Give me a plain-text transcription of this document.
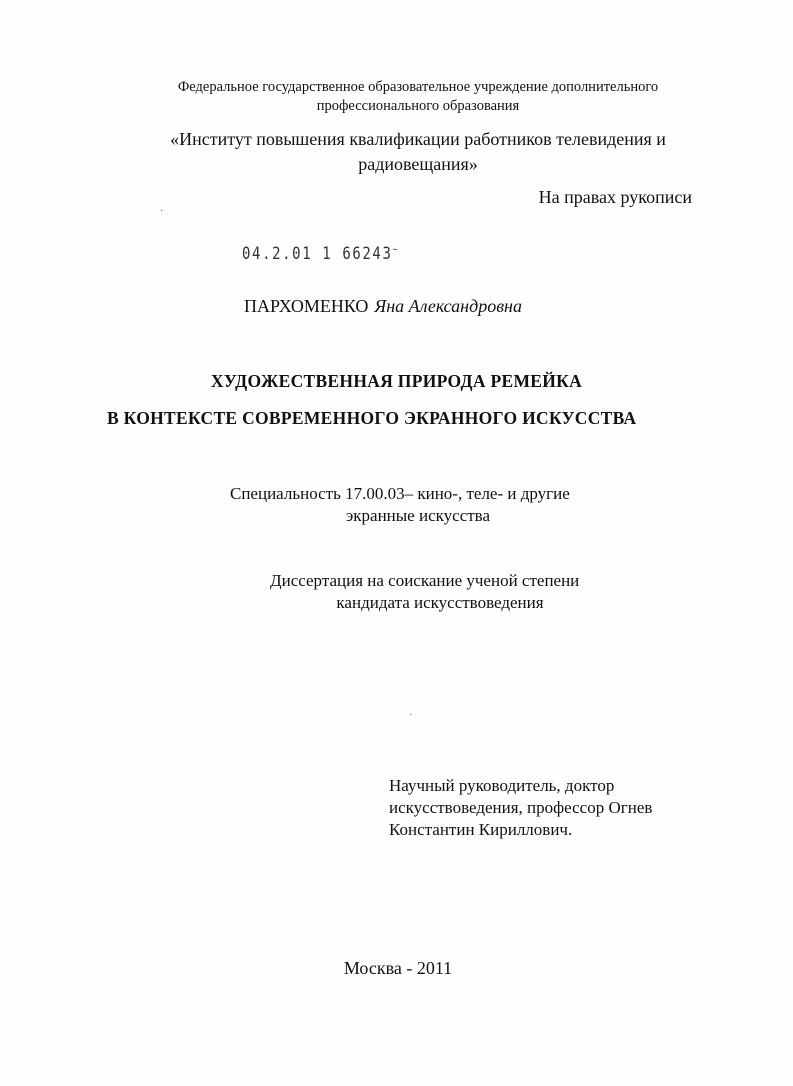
Федеральное государственное образовательное учреждение дополнительного
профессионального образования
«Институт повышения квалификации работников телевидения и
радиовещания»
На правах рукописи
·
04.2.01 1 66243~
ПАРХОМЕНКО Яна Александровна
ХУДОЖЕСТВЕННАЯ ПРИРОДА РЕМЕЙКА
В КОНТЕКСТЕ СОВРЕМЕННОГО ЭКРАННОГО ИСКУССТВА
Специальность 17.00.03– кино-, теле- и другие
экранные искусства
Диссертация на соискание ученой степени
кандидата искусствоведения
·
Научный руководитель, доктор
искусствоведения, профессор Огнев
Константин Кириллович.
Москва - 2011
